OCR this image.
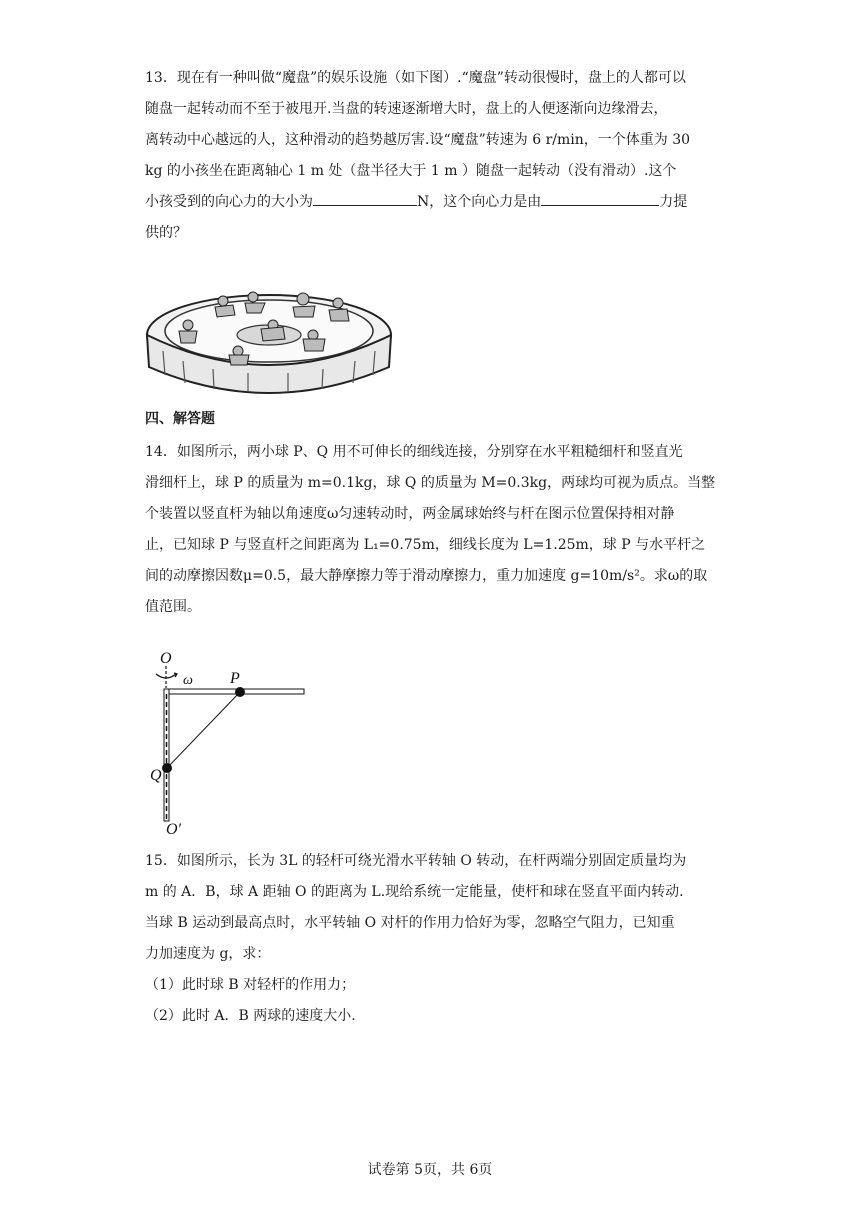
13．现在有一种叫做“魔盘”的娱乐设施（如下图）.“魔盘”转动很慢时，盘上的人都可以
随盘一起转动而不至于被甩开.当盘的转速逐渐增大时，盘上的人便逐渐向边缘滑去，
离转动中心越远的人，这种滑动的趋势越厉害.设“魔盘”转速为 6 r/min，一个体重为 30
kg 的小孩坐在距离轴心 1 m 处（盘半径大于 1 m ）随盘一起转动（没有滑动）.这个
小孩受到的向心力的大小为	N，这个向心力是由	力提
供的？
四、解答题
14．如图所示，两小球 P、Q 用不可伸长的细线连接，分别穿在水平粗糙细杆和竖直光
滑细杆上，球 P 的质量为 m=0.1kg，球 Q 的质量为 M=0.3kg，两球均可视为质点。当整
个装置以竖直杆为轴以角速度ω匀速转动时，两金属球始终与杆在图示位置保持相对静
止，已知球 P 与竖直杆之间距离为 L₁=0.75m，细线长度为 L=1.25m，球 P 与水平杆之
间的动摩擦因数μ=0.5，最大静摩擦力等于滑动摩擦力，重力加速度 g=10m/s²。求ω的取
值范围。
O
ω P
Q
O′
15．如图所示，长为 3L 的轻杆可绕光滑水平转轴 O 转动，在杆两端分别固定质量均为
m 的 A．B，球 A 距轴 O 的距离为 L.现给系统一定能量，使杆和球在竖直平面内转动.
当球 B 运动到最高点时，水平转轴 O 对杆的作用力恰好为零，忽略空气阻力，已知重
力加速度为 g，求：
（1）此时球 B 对轻杆的作用力；
（2）此时 A．B 两球的速度大小.
试卷第 5页，共 6页
